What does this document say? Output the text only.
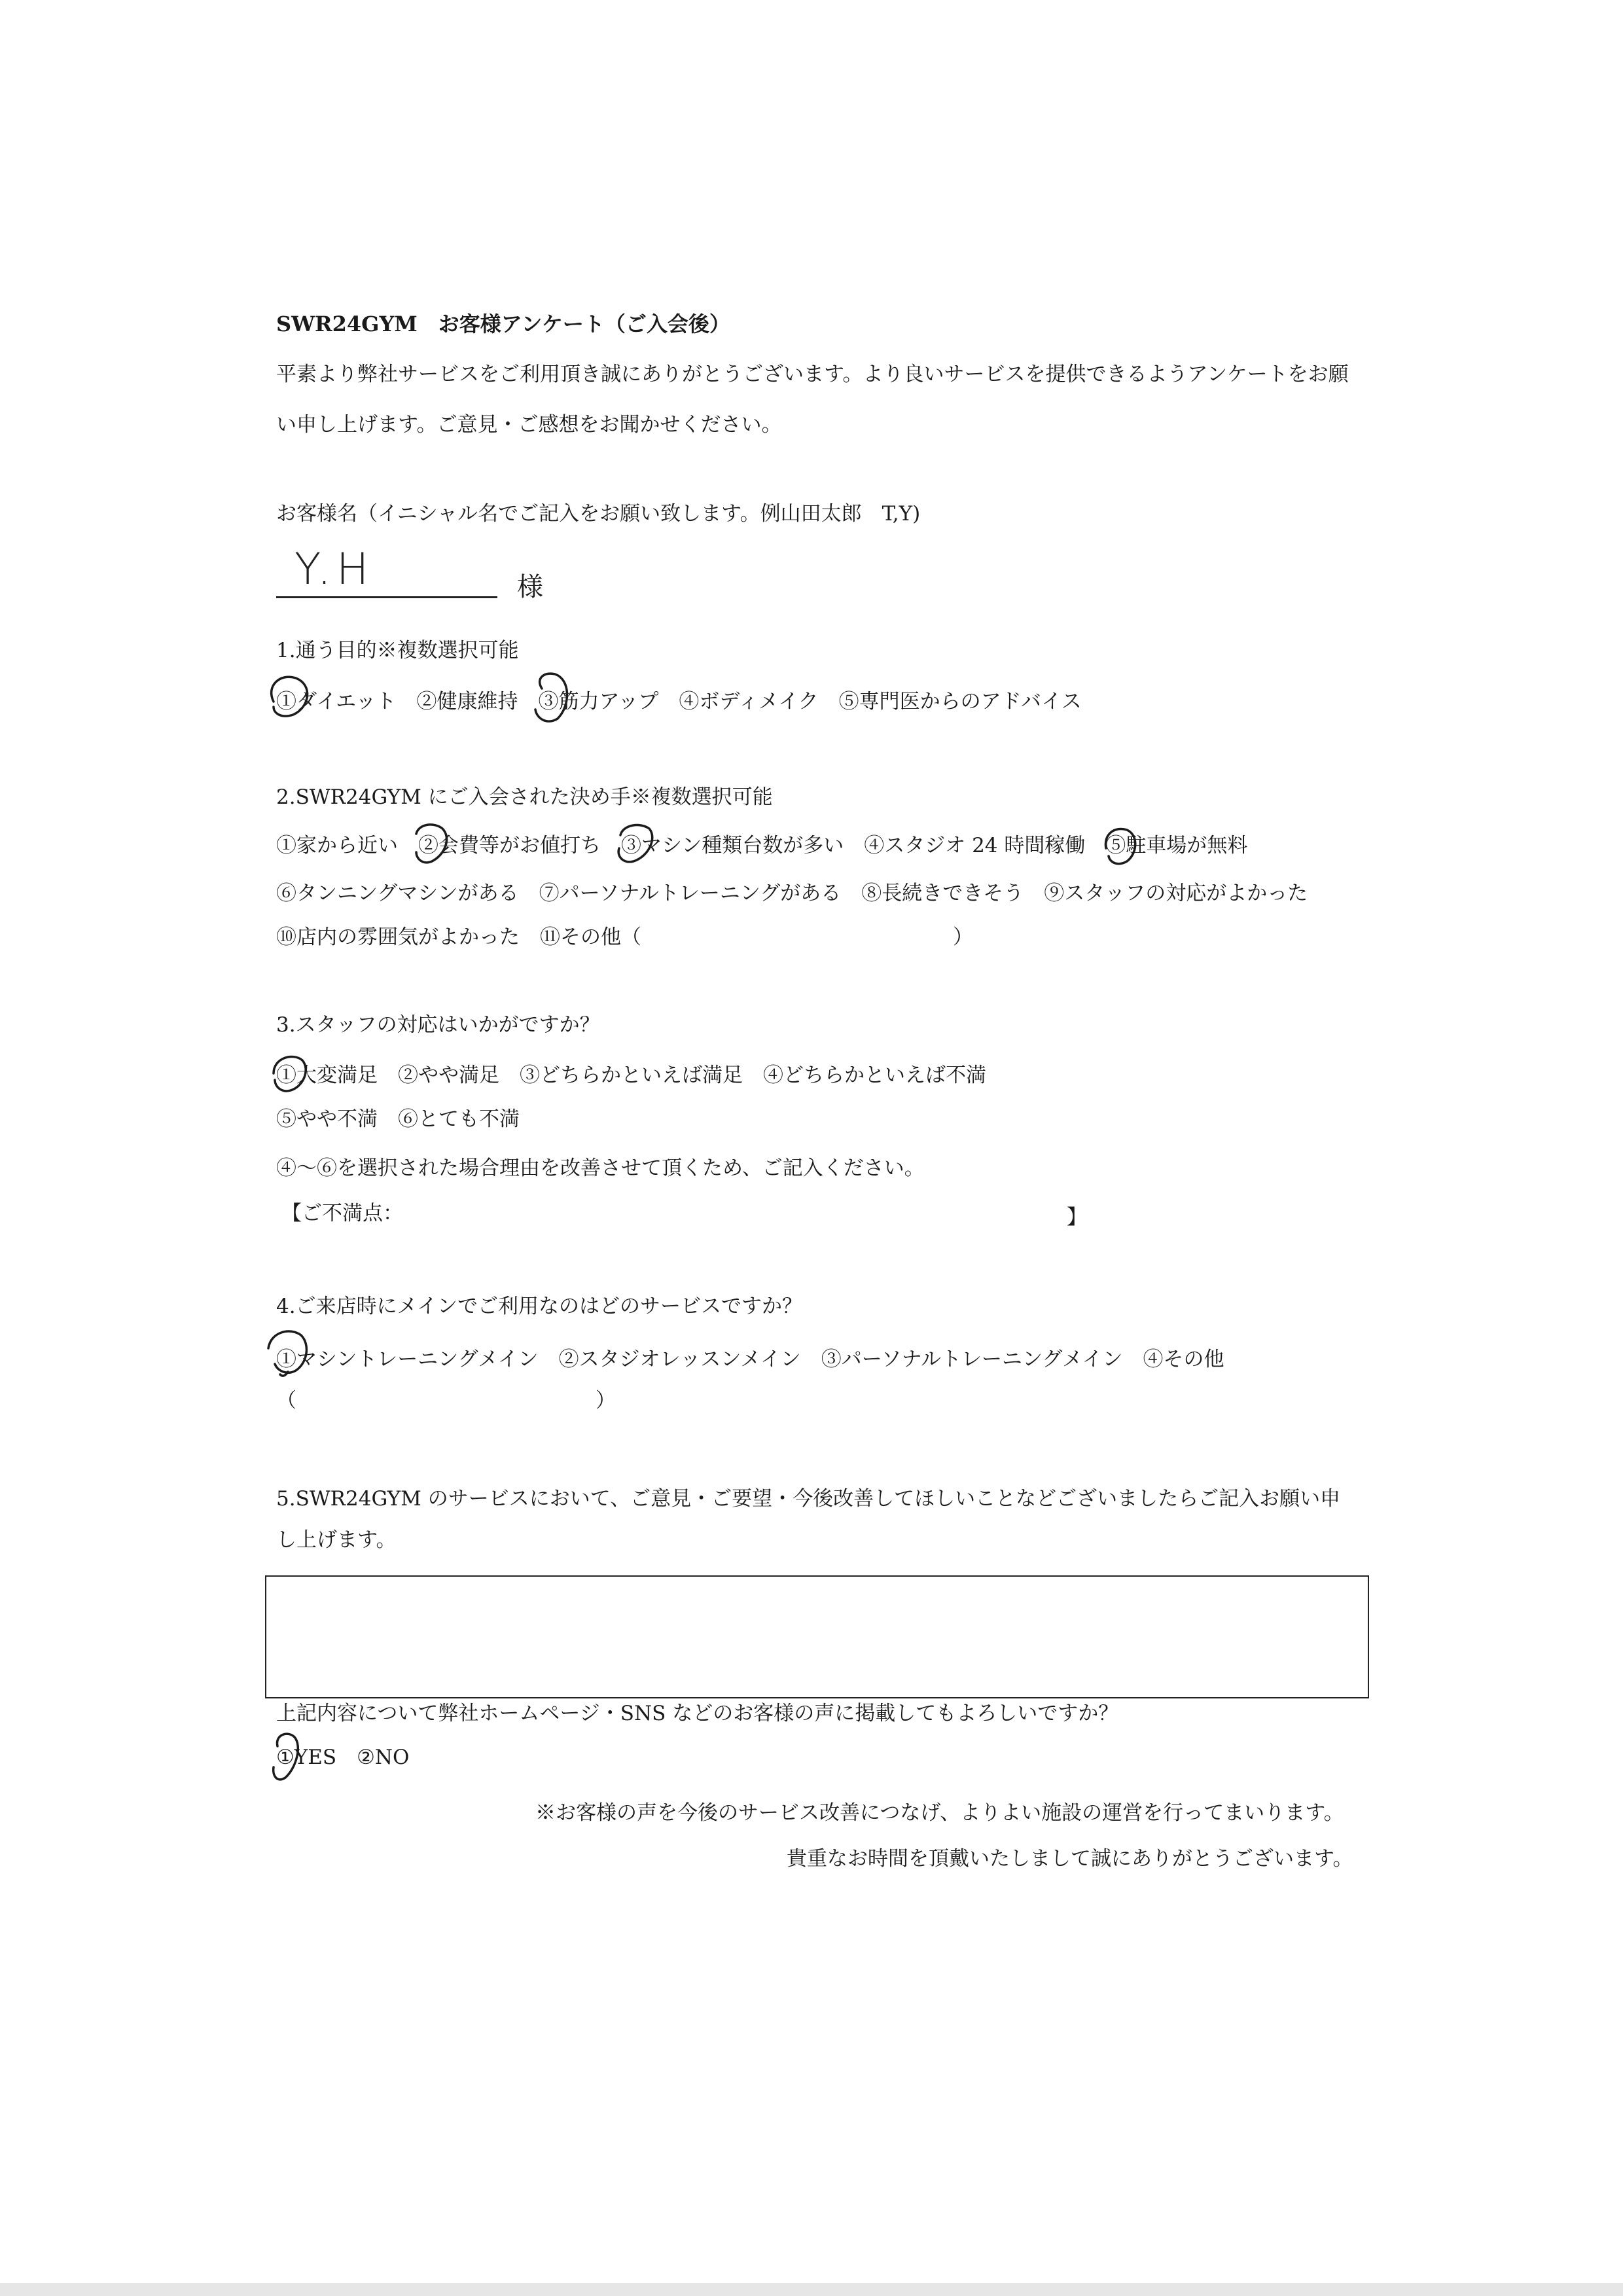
SWR24GYM　お客様アンケート（ご入会後）
平素より弊社サービスをご利用頂き誠にありがとうございます。より良いサービスを提供できるようアンケートをお願
い申し上げます。ご意見・ご感想をお聞かせください。
お客様名（イニシャル名でご記入をお願い致します。例山田太郎　T,Y)
Y.H	様
1.通う目的※複数選択可能
①ダイエット　②健康維持　③筋力アップ　④ボディメイク　⑤専門医からのアドバイス
2.SWR24GYM にご入会された決め手※複数選択可能
①家から近い　②会費等がお値打ち　③マシン種類台数が多い　④スタジオ 24 時間稼働　⑤駐車場が無料
⑥タンニングマシンがある　⑦パーソナルトレーニングがある　⑧長続きできそう　⑨スタッフの対応がよかった
⑩店内の雰囲気がよかった　⑪その他（	）
3.スタッフの対応はいかがですか？
①大変満足　②やや満足　③どちらかといえば満足　④どちらかといえば不満
⑤やや不満　⑥とても不満
④～⑥を選択された場合理由を改善させて頂くため、ご記入ください。
【ご不満点：	】
4.ご来店時にメインでご利用なのはどのサービスですか？
①マシントレーニングメイン　②スタジオレッスンメイン　③パーソナルトレーニングメイン　④その他
（	）
5.SWR24GYM のサービスにおいて、ご意見・ご要望・今後改善してほしいことなどございましたらご記入お願い申
し上げます。
上記内容について弊社ホームページ・SNS などのお客様の声に掲載してもよろしいですか？
①YES　②NO
※お客様の声を今後のサービス改善につなげ、よりよい施設の運営を行ってまいります。
貴重なお時間を頂戴いたしまして誠にありがとうございます。
